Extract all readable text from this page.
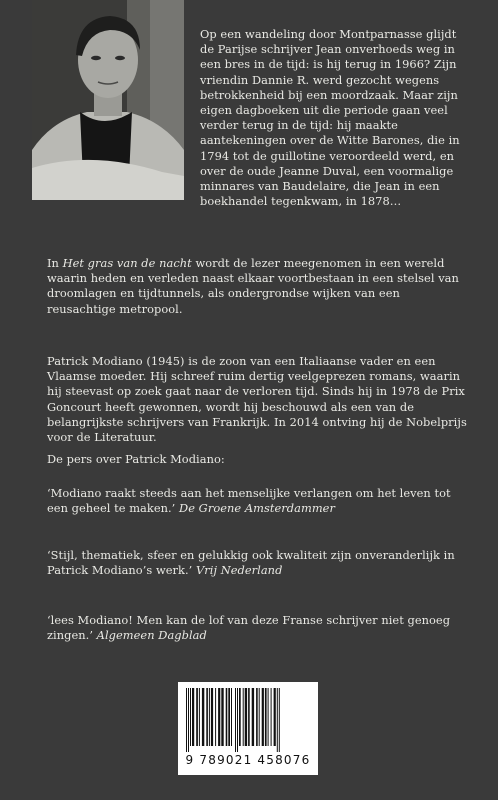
Op een wandeling door Montparnasse glijdt de Parijse schrijver Jean onverhoeds weg in een bres in de tijd: is hij terug in 1966? Zijn vriendin Dannie R. werd gezocht wegens betrokkenheid bij een moordzaak. Maar zijn eigen dagboeken uit die periode gaan veel verder terug in de tijd: hij maakte aantekeningen over de Witte Barones, die in 1794 tot de guillotine veroordeeld werd, en over de oude Jeanne Duval, een voormalige minnares van Baudelaire, die Jean in een boekhandel tegenkwam, in 1878…

In Het gras van de nacht wordt de lezer meegenomen in een wereld waarin heden en verleden naast elkaar voortbestaan in een stelsel van droomlagen en tijdtunnels, als ondergrondse wijken van een reusachtige metropool.

Patrick Modiano (1945) is de zoon van een Italiaanse vader en een Vlaamse moeder. Hij schreef ruim dertig veelgeprezen romans, waarin hij steevast op zoek gaat naar de verloren tijd. Sinds hij in 1978 de Prix Goncourt heeft gewonnen, wordt hij beschouwd als een van de belangrijkste schrijvers van Frankrijk. In 2014 ontving hij de Nobelprijs voor de Literatuur.

De pers over Patrick Modiano:

‘Modiano raakt steeds aan het menselijke verlangen om het leven tot een geheel te maken.’ De Groene Amsterdammer

‘Stijl, thematiek, sfeer en gelukkig ook kwaliteit zijn onveranderlijk in Patrick Modiano’s werk.’ Vrij Nederland

‘lees Modiano! Men kan de lof van deze Franse schrijver niet genoeg zingen.’ Algemeen Dagblad

9 789021 458076
